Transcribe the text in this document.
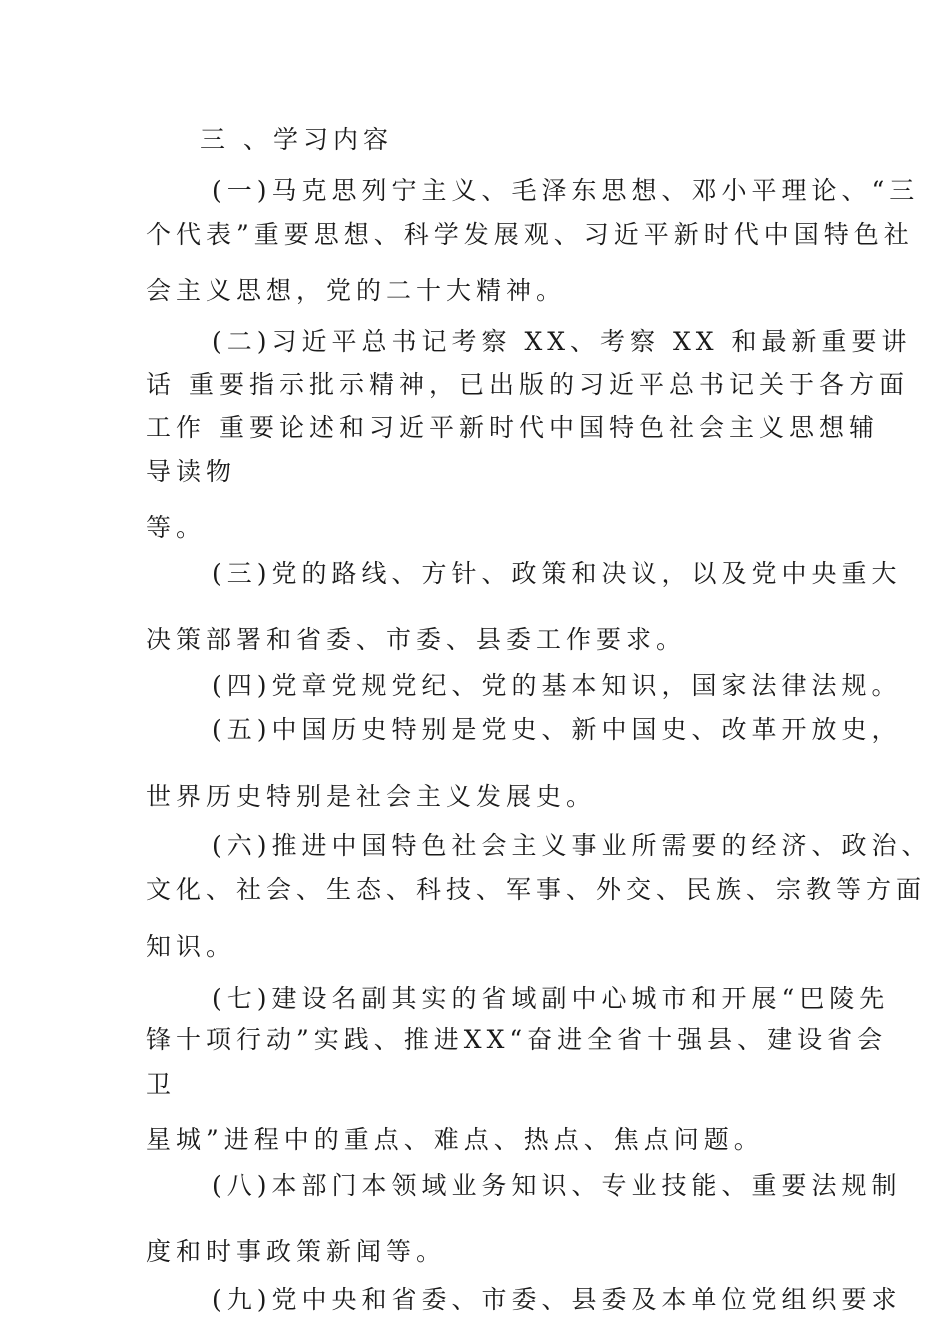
三 、学习内容
(一)马克思列宁主义、毛泽东思想、邓小平理论、“三
个代表”重要思想、科学发展观、习近平新时代中国特色社
会主义思想，党的二十大精神。
(二)习近平总书记考察 XX、考察 XX 和最新重要讲
话 重要指示批示精神，已出版的习近平总书记关于各方面
工作 重要论述和习近平新时代中国特色社会主义思想辅
导读物
等。
(三)党的路线、方针、政策和决议，以及党中央重大
决策部署和省委、市委、县委工作要求。
(四)党章党规党纪、党的基本知识，国家法律法规。
(五)中国历史特别是党史、新中国史、改革开放史，
世界历史特别是社会主义发展史。
(六)推进中国特色社会主义事业所需要的经济、政治、
文化、社会、生态、科技、军事、外交、民族、宗教等方面
知识。
(七)建设名副其实的省域副中心城市和开展“巴陵先
锋十项行动”实践、推进XX“奋进全省十强县、建设省会
卫
星城”进程中的重点、难点、热点、焦点问题。
(八)本部门本领域业务知识、专业技能、重要法规制
度和时事政策新闻等。
(九)党中央和省委、市委、县委及本单位党组织要求
